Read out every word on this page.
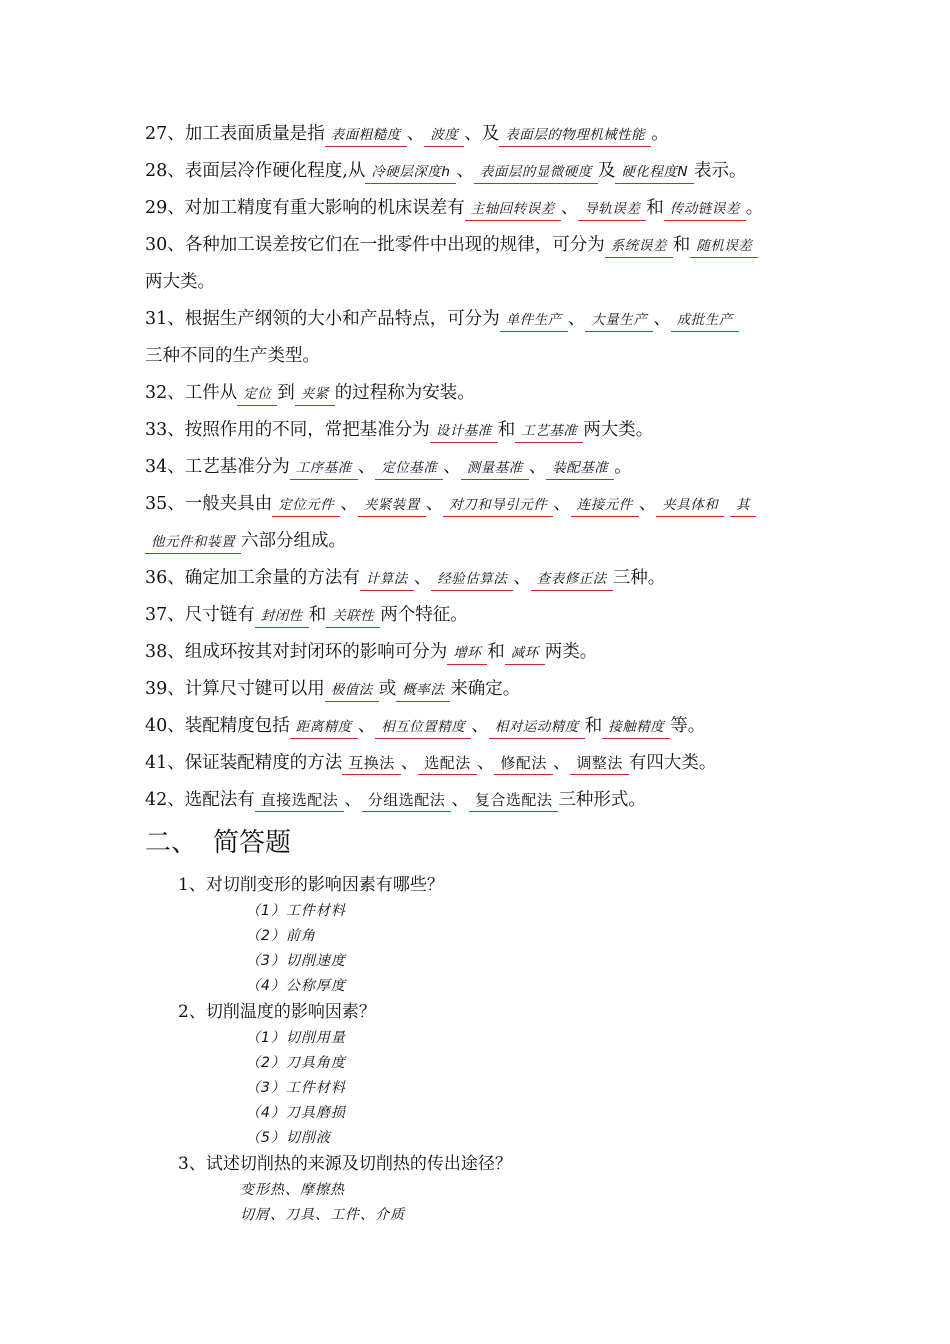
27、加工表面质量是指 表面粗糙度 、 波度 、及 表面层的物理机械性能 。
28、表面层冷作硬化程度,从 冷硬层深度h 、 表面层的显微硬度 及 硬化程度N 表示。
29、对加工精度有重大影响的机床误差有 主轴回转误差 、 导轨误差 和 传动链误差 。
30、各种加工误差按它们在一批零件中出现的规律，可分为 系统误差 和 随机误差
两大类。
31、根据生产纲领的大小和产品特点，可分为 单件生产 、 大量生产 、 成批生产
三种不同的生产类型。
32、工件从 定位 到 夹紧 的过程称为安装。
33、按照作用的不同，常把基准分为 设计基准 和 工艺基准 两大类。
34、工艺基准分为 工序基准 、 定位基准 、 测量基准 、 装配基准 。
35、一般夹具由 定位元件 、 夹紧装置 、 对刀和导引元件 、 连接元件 、 夹具体和 其
他元件和装置 六部分组成。
36、确定加工余量的方法有 计算法 、 经验估算法 、 查表修正法 三种。
37、尺寸链有 封闭性 和 关联性 两个特征。
38、组成环按其对封闭环的影响可分为 增环 和 减环 两类。
39、计算尺寸键可以用 极值法 或 概率法 来确定。
40、装配精度包括 距离精度 、 相互位置精度 、 相对运动精度 和 接触精度 等。
41、保证装配精度的方法 互换法 、 选配法 、 修配法 、 调整法 有四大类。
42、选配法有 直接选配法 、 分组选配法 、 复合选配法 三种形式。
二、 简答题
1、对切削变形的影响因素有哪些？
（1）工件材料
（2）前角
（3）切削速度
（4）公称厚度
2、切削温度的影响因素？
（1）切削用量
（2）刀具角度
（3）工件材料
（4）刀具磨损
（5）切削液
3、试述切削热的来源及切削热的传出途径？
变形热、摩擦热
切屑、刀具、工件、介质
